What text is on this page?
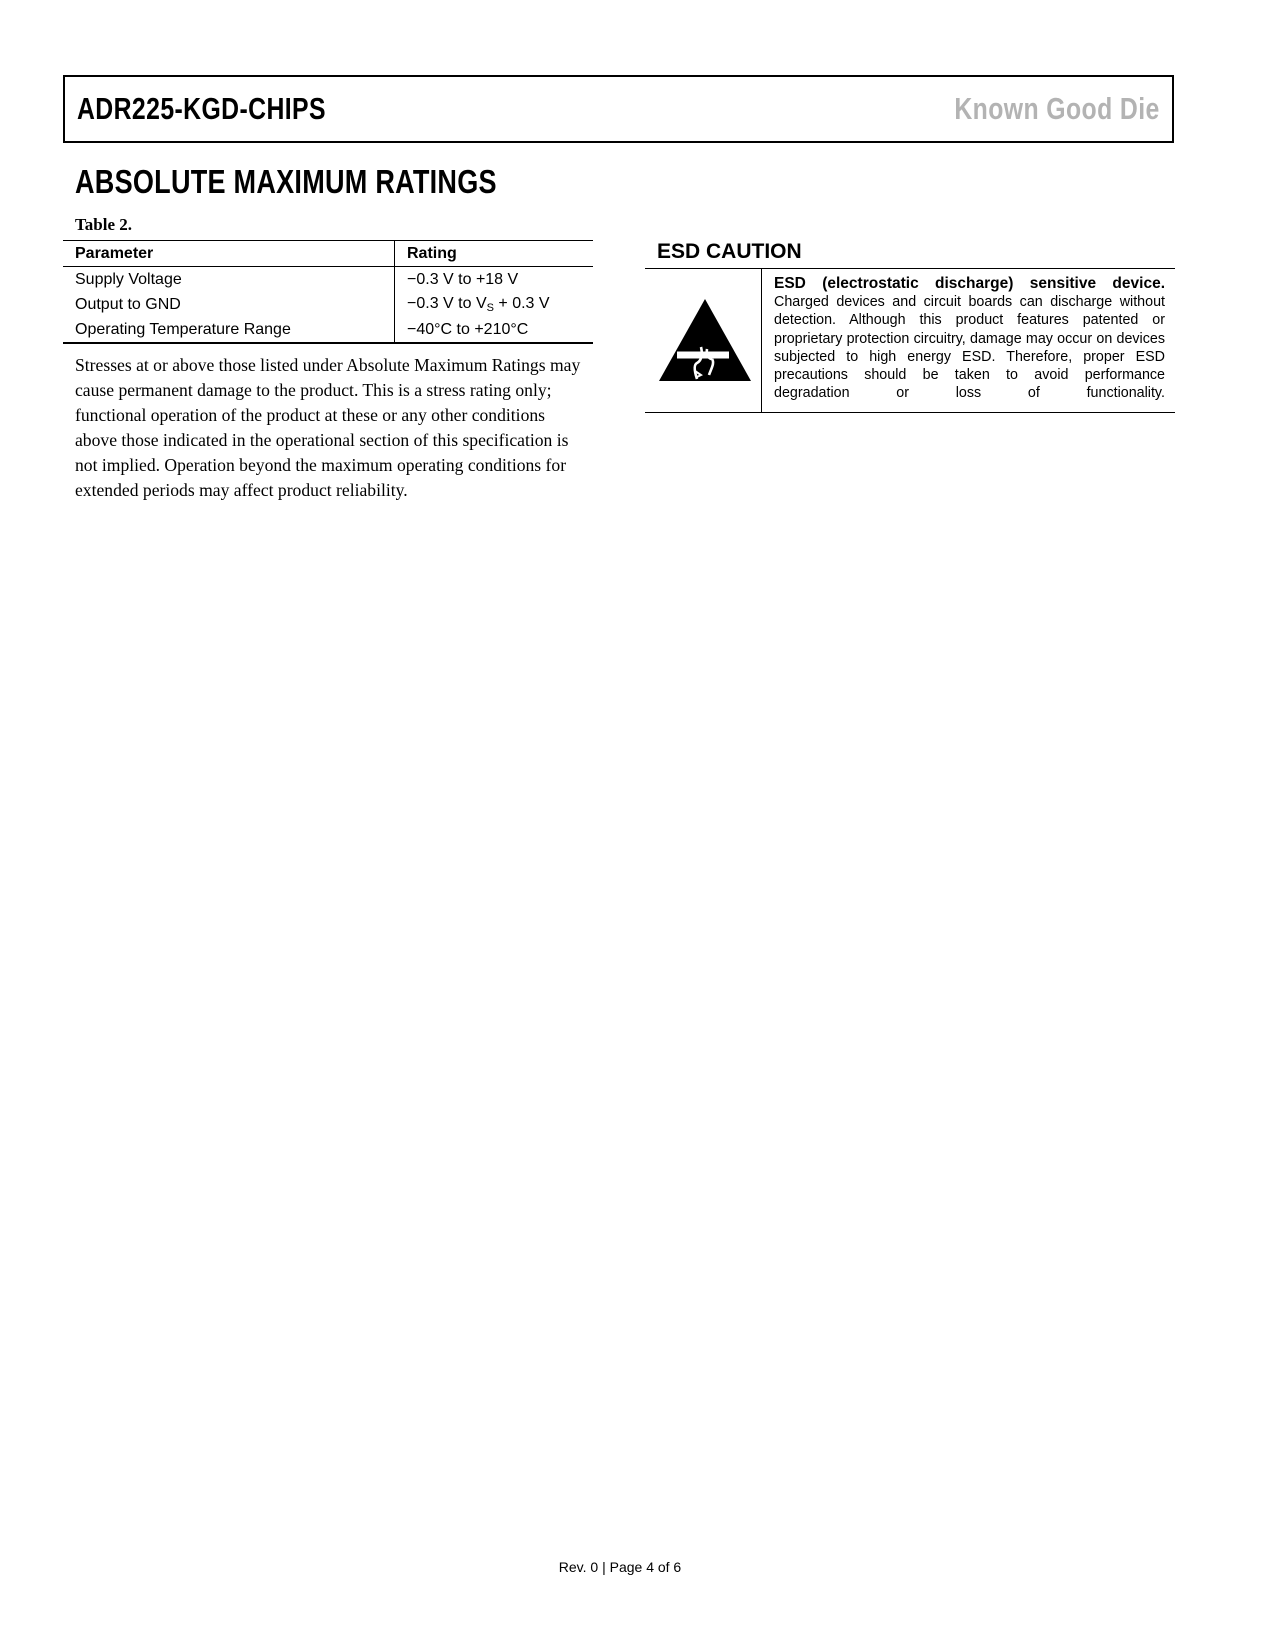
ADR225-KGD-CHIPS	Known Good Die
ABSOLUTE MAXIMUM RATINGS
Table 2.
Parameter	Rating
Supply Voltage	−0.3 V to +18 V
Output to GND	−0.3 V to $V_S + 0.3$ V
Operating Temperature Range	−40°C to +210°C
Stresses at or above those listed under Absolute Maximum Ratings may cause permanent damage to the product. This is a stress rating only; functional operation of the product at these or any other conditions above those indicated in the operational section of this specification is not implied. Operation beyond the maximum operating conditions for extended periods may affect product reliability.
ESD CAUTION
ESD (electrostatic discharge) sensitive device. Charged devices and circuit boards can discharge without detection. Although this product features patented or proprietary protection circuitry, damage may occur on devices subjected to high energy ESD. Therefore, proper ESD precautions should be taken to avoid performance degradation or loss of functionality.
Rev. 0 | Page 4 of 6
